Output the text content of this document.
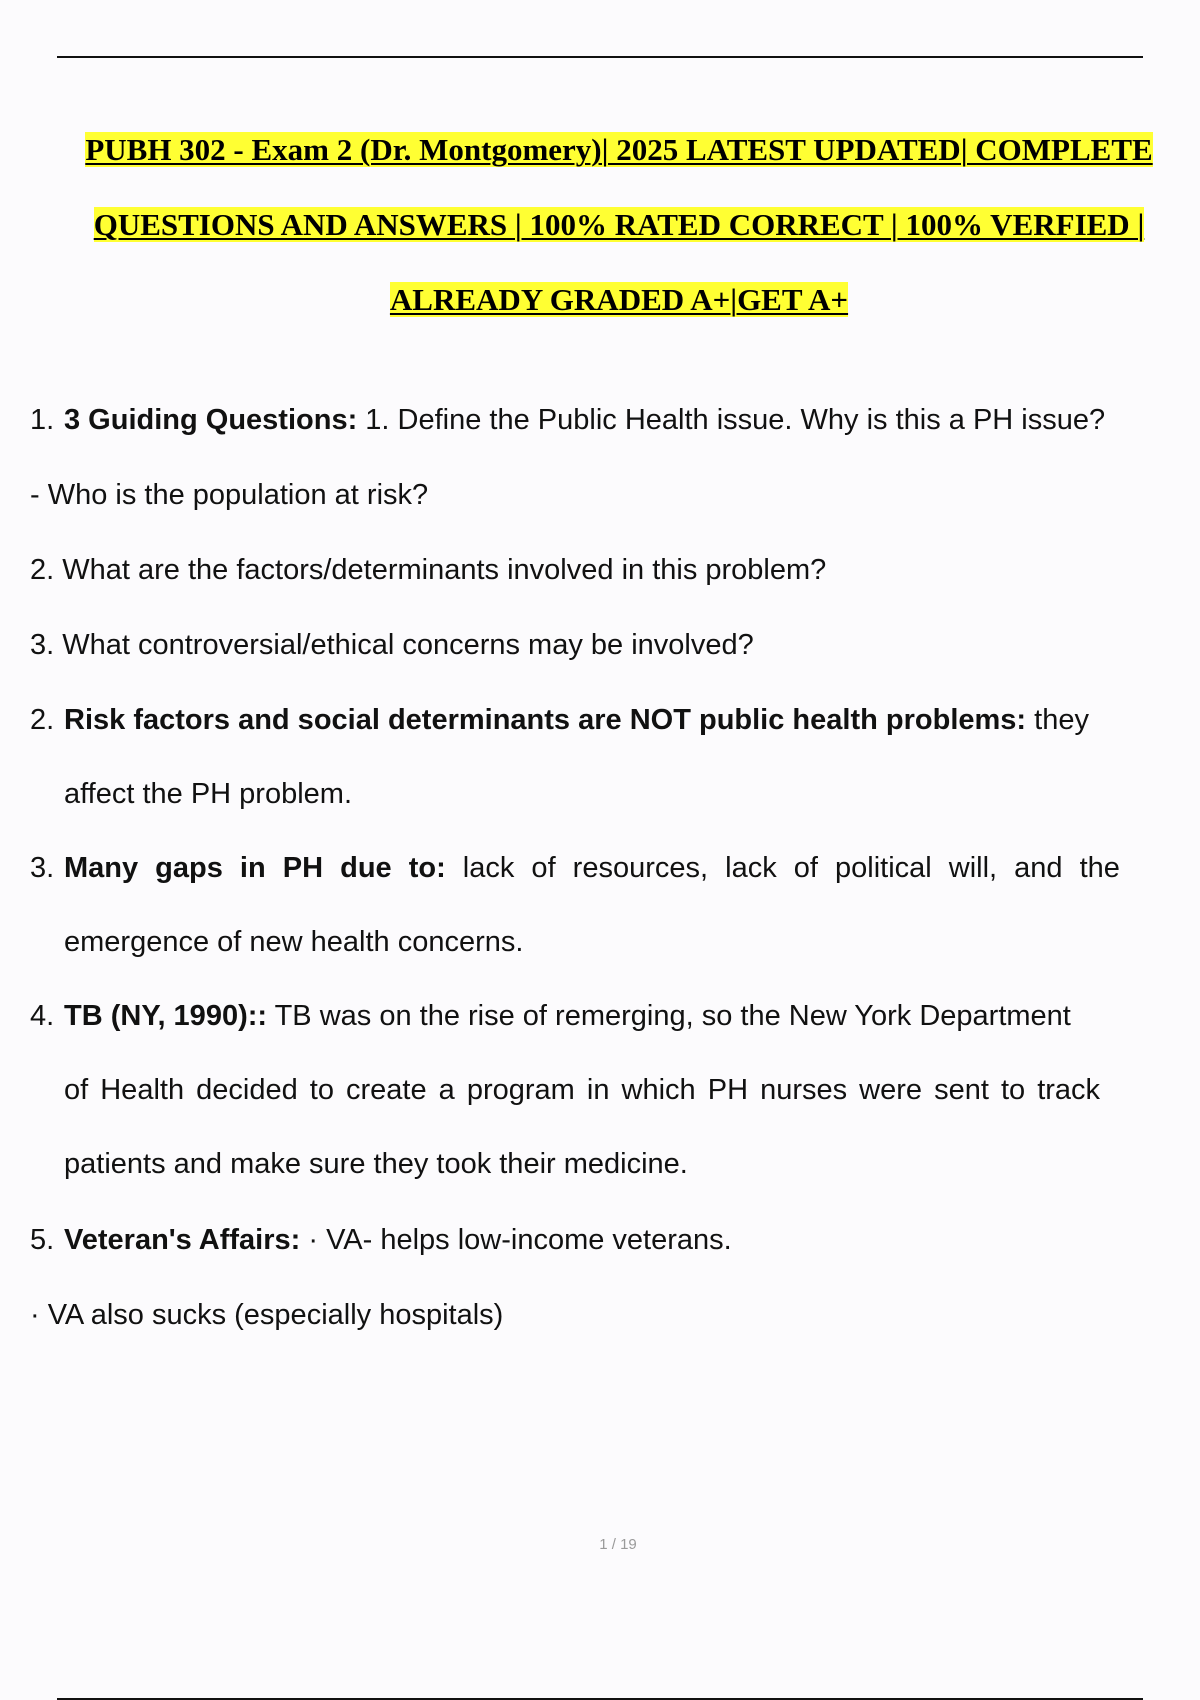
PUBH 302 - Exam 2 (Dr. Montgomery)| 2025 LATEST UPDATED| COMPLETE
QUESTIONS AND ANSWERS | 100% RATED CORRECT | 100% VERFIED |
ALREADY GRADED A+|GET A+
1. 3 Guiding Questions: 1. Define the Public Health issue. Why is this a PH issue?
- Who is the population at risk?
2. What are the factors/determinants involved in this problem?
3. What controversial/ethical concerns may be involved?
2. Risk factors and social determinants are NOT public health problems: they
affect the PH problem.
3. Many gaps in PH due to: lack of resources, lack of political will, and the
emergence of new health concerns.
4. TB (NY, 1990):: TB was on the rise of remerging, so the New York Department
of Health decided to create a program in which PH nurses were sent to track
patients and make sure they took their medicine.
5. Veteran's Affairs: · VA- helps low-income veterans.
· VA also sucks (especially hospitals)
1 / 19
